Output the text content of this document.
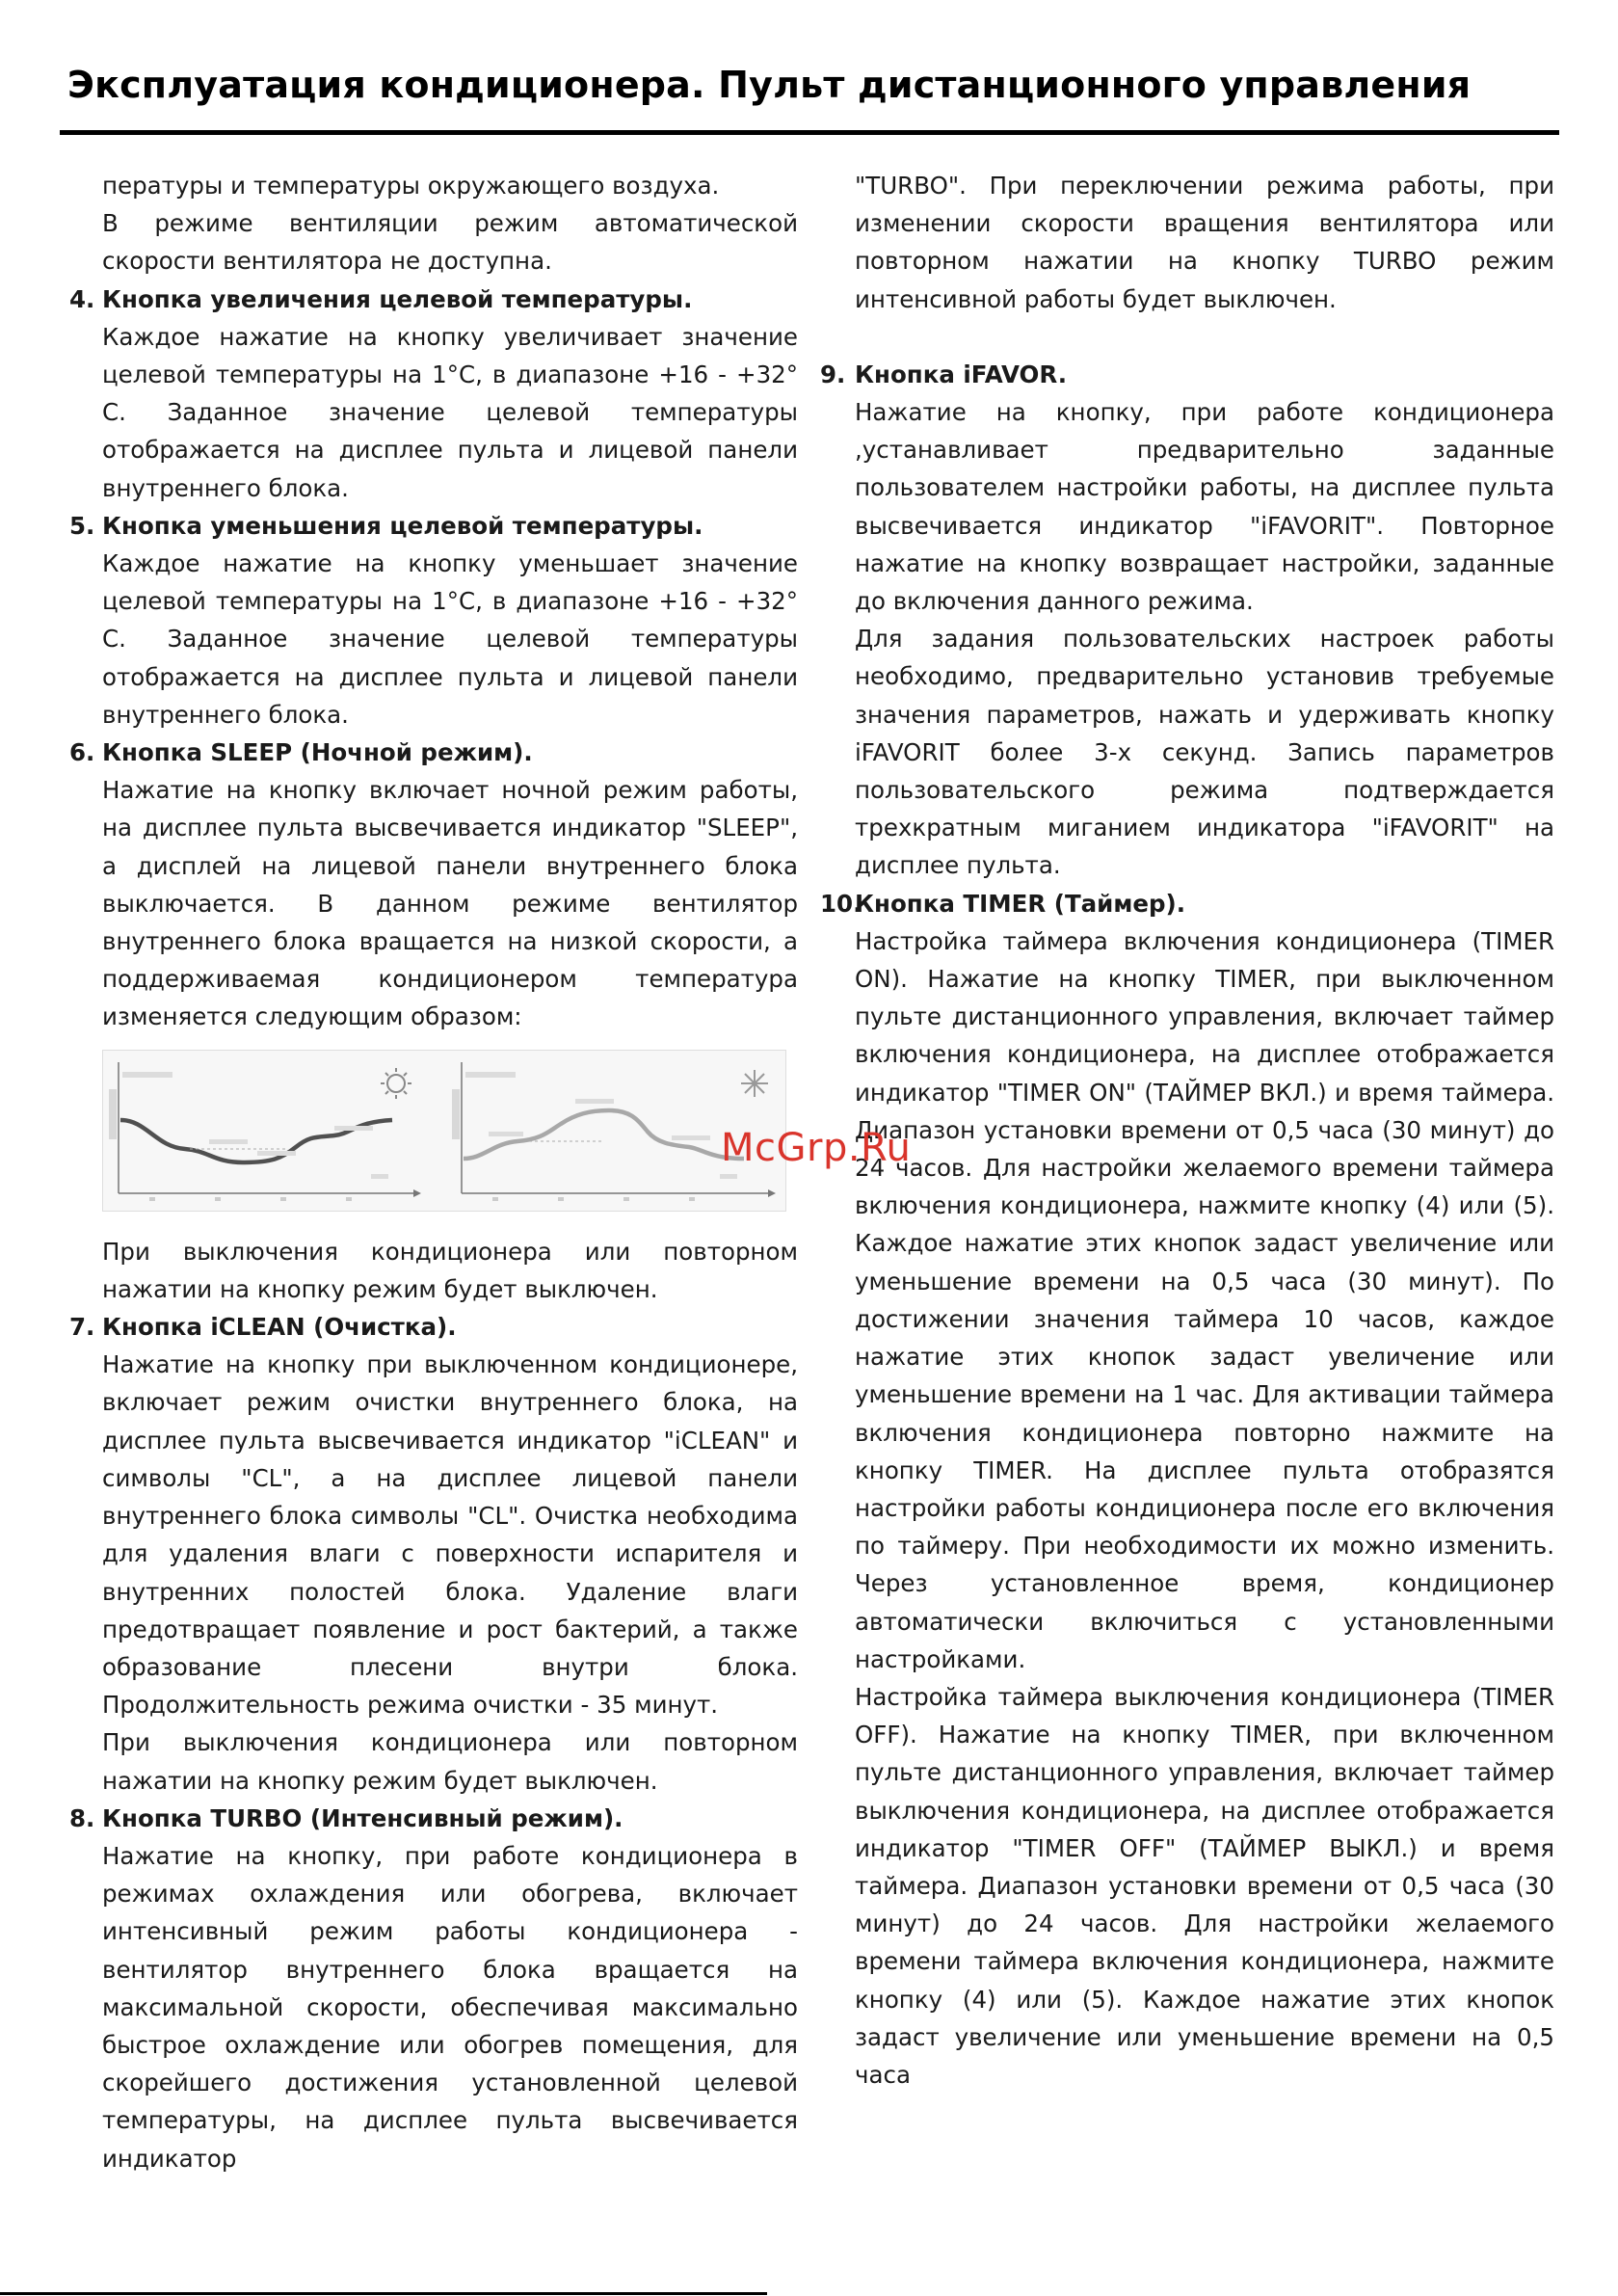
Эксплуатация кондиционера. Пульт дистанционного управления

пературы и температуры окружающего воздуха.

В режиме вентиляции режим автоматической скорости вентилятора не доступна.

4. Кнопка увеличения целевой температуры.

Каждое нажатие на кнопку увеличивает значение целевой температуры на 1°С, в диапазоне +16 - +32° С. Заданное значение целевой температуры отображается на дисплее пульта и лицевой панели внутреннего блока.

5. Кнопка уменьшения целевой температуры.

Каждое нажатие на кнопку уменьшает значение целевой температуры на 1°С, в диапазоне +16 - +32° С. Заданное значение целевой температуры отображается на дисплее пульта и лицевой панели внутреннего блока.

6. Кнопка SLEEP (Ночной режим).

Нажатие на кнопку включает ночной режим работы, на дисплее пульта высвечивается индикатор "SLEEP", а дисплей на лицевой панели внутреннего блока выключается. В данном режиме вентилятор внутреннего блока вращается на низкой скорости, а поддерживаемая кондиционером температура изменяется следующим образом:

При выключения кондиционера или повторном нажатии на кнопку режим будет выключен.

7. Кнопка iCLEAN (Очистка).

Нажатие на кнопку при выключенном кондиционере, включает режим очистки внутреннего блока, на дисплее пульта высвечивается индикатор "iCLEAN" и символы "CL", а на дисплее лицевой панели внутреннего блока символы "CL". Очистка необходима для удаления влаги с поверхности испарителя и внутренних полостей блока. Удаление влаги предотвращает появление и рост бактерий, а также образование плесени внутри блока. Продолжительность режима очистки - 35 минут.

При выключения кондиционера или повторном нажатии на кнопку режим будет выключен.

8. Кнопка TURBO (Интенсивный режим).

Нажатие на кнопку, при работе кондиционера в режимах охлаждения или обогрева, включает интенсивный режим работы кондиционера - вентилятор внутреннего блока вращается на максимальной скорости, обеспечивая максимально быстрое охлаждение или обогрев помещения, для скорейшего достижения установленной целевой температуры, на дисплее пульта высвечивается индикатор

"TURBO". При переключении режима работы, при изменении скорости вращения вентилятора или повторном нажатии на кнопку TURBO режим интенсивной работы будет выключен.

9. Кнопка iFAVOR.

Нажатие на кнопку, при работе кондиционера ,устанавливает предварительно заданные пользователем настройки работы, на дисплее пульта высвечивается индикатор "iFAVORIT". Повторное нажатие на кнопку возвращает настройки, заданные до включения данного режима.

Для задания пользовательских настроек работы необходимо, предварительно установив требуемые значения параметров, нажать и удерживать кнопку iFAVORIT более 3-х секунд. Запись параметров пользовательского режима подтверждается трехкратным миганием индикатора "iFAVORIT" на дисплее пульта.

10.
Кнопка TIMER (Таймер).

Настройка таймера включения кондиционера (TIMER ON). Нажатие на кнопку TIMER, при выключенном пульте дистанционного управления, включает таймер включения кондиционера, на дисплее отображается индикатор "TIMER ON" (ТАЙМЕР ВКЛ.) и время таймера. Диапазон установки времени от 0,5 часа (30 минут) до 24 часов. Для настройки желаемого времени таймера включения кондиционера, нажмите кнопку (4) или (5). Каждое нажатие этих кнопок задаст увеличение или уменьшение времени на 0,5 часа (30 минут). По достижении значения таймера 10 часов, каждое нажатие этих кнопок задаст увеличение или уменьшение времени на 1 час. Для активации таймера включения кондиционера повторно нажмите на кнопку TIMER. На дисплее пульта отобразятся настройки работы кондиционера после его включения по таймеру. При необходимости их можно изменить. Через установленное время, кондиционер автоматически включиться с установленными настройками.

Настройка таймера выключения кондиционера (TIMER OFF). Нажатие на кнопку TIMER, при включенном пульте дистанционного управления, включает таймер выключения кондиционера, на дисплее отображается индикатор "TIMER OFF" (ТАЙМЕР ВЫКЛ.) и время таймера. Диапазон установки времени от 0,5 часа (30 минут) до 24 часов. Для настройки желаемого времени таймера включения кондиционера, нажмите кнопку (4) или (5). Каждое нажатие этих кнопок задаст увеличение или уменьшение времени на 0,5 часа

McGrp.Ru
